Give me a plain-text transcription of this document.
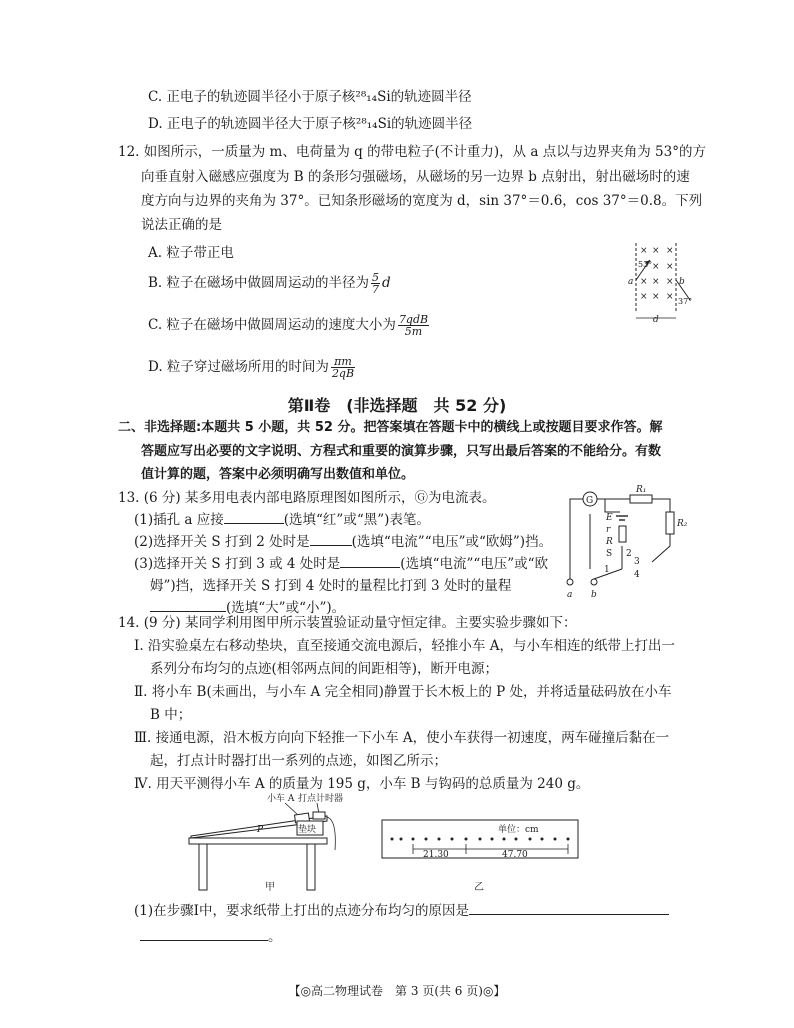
C. 正电子的轨迹圆半径小于原子核²⁸₁₄Si的轨迹圆半径
D. 正电子的轨迹圆半径大于原子核²⁸₁₄Si的轨迹圆半径
12. 如图所示，一质量为 m、电荷量为 q 的带电粒子(不计重力)，从 a 点以与边界夹角为 53°的方
向垂直射入磁感应强度为 B 的条形匀强磁场，从磁场的另一边界 b 点射出，射出磁场时的速
度方向与边界的夹角为 37°。已知条形磁场的宽度为 d，sin 37°＝0.6，cos 37°＝0.8。下列
说法正确的是
A. 粒子带正电
B. 粒子在磁场中做圆周运动的半径为 $\frac{5}{7}$ d
C. 粒子在磁场中做圆周运动的速度大小为 $\frac{\text{7qdB}}{5m}$
D. 粒子穿过磁场所用的时间为 $\frac{\pi m}{2qB}$
× × ×
× ×
× × ×
× × ×
53°
37°
a	b
d
第Ⅱ卷　(非选择题　共 52 分)
二、非选择题:本题共 5 小题，共 52 分。把答案填在答题卡中的横线上或按题目要求作答。解
答题应写出必要的文字说明、方程式和重要的演算步骤，只写出最后答案的不能给分。有数
值计算的题，答案中必须明确写出数值和单位。
13. (6 分) 某多用电表内部电路原理图如图所示，Ⓖ为电流表。
(1)插孔 a 应接	(选填“红”或“黑”)表笔。
(2)选择开关 S 打到 2 处时是	(选填“电流”“电压”或“欧姆”)挡。
(3)选择开关 S 打到 3 或 4 处时是	(选填“电流”“电压”或“欧
姆”)挡，选择开关 S 打到 4 处时的量程比打到 3 处时的量程
(选填“大”或“小”)。
G
R₁
R₂
E
r
R
S 2
1
3
4
a b
14. (9 分) 某同学利用图甲所示装置验证动量守恒定律。主要实验步骤如下：
Ⅰ. 沿实验桌左右移动垫块，直至接通交流电源后，轻推小车 A，与小车相连的纸带上打出一
系列分布均匀的点迹(相邻两点间的间距相等)，断开电源；
Ⅱ. 将小车 B(未画出，与小车 A 完全相同)静置于长木板上的 P 处，并将适量砝码放在小车
B 中；
Ⅲ. 接通电源，沿木板方向向下轻推一下小车 A，使小车获得一初速度，两车碰撞后黏在一
起，打点计时器打出一系列的点迹，如图乙所示；
Ⅳ. 用天平测得小车 A 的质量为 195 g，小车 B 与钩码的总质量为 240 g。
小车 A 打点计时器
垫块
P
甲
单位：cm
21.30	47.70
乙
(1)在步骤Ⅰ中，要求纸带上打出的点迹分布均匀的原因是
。
【◎高二物理试卷　第 3 页(共 6 页)◎】
